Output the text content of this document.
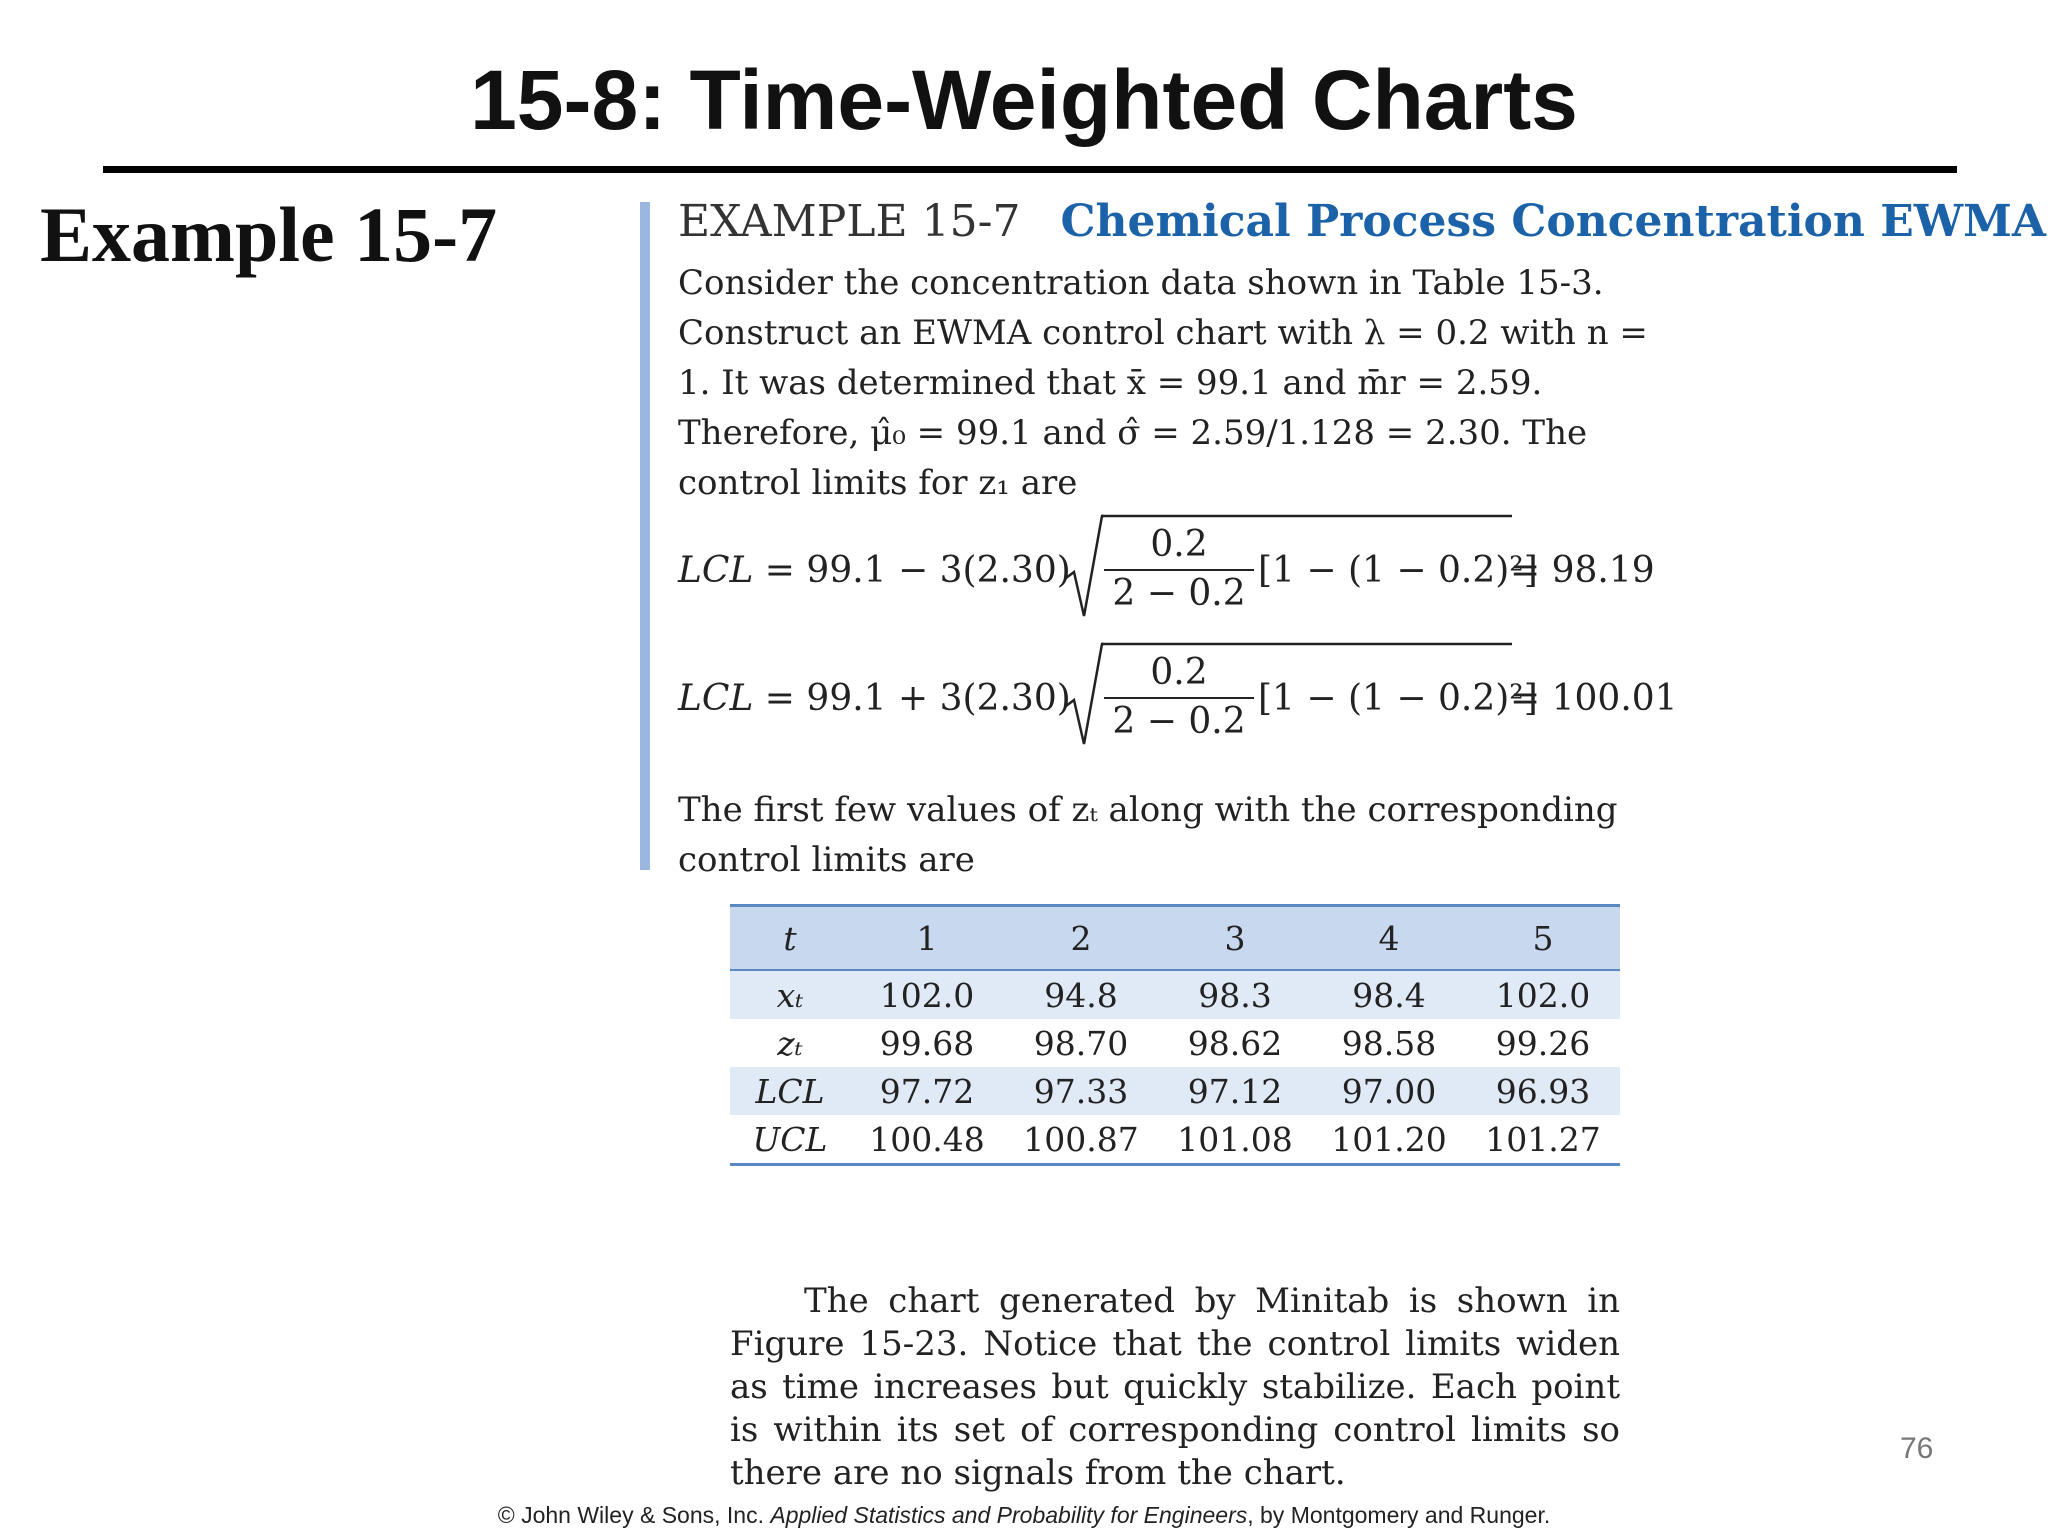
15-8: Time-Weighted Charts
Example 15-7	EXAMPLE 15-7 Chemical Process Concentration EWMA
Consider the concentration data shown in Table 15-3. Construct an EWMA control chart with λ = 0.2 with n = 1. It was determined that x̄ = 99.1 and m̄r = 2.59. Therefore, μ̂₀ = 99.1 and σ̂ = 2.59/1.128 = 2.30. The control limits for z₁ are
LCL = $99.1 - 3(2.30) \frac{0.2}{2 - 0.2} [1 - (1 - 0.2)^2]$
= 98.19
LCL = $99.1 + 3(2.30) \frac{0.2}{2 - 0.2} [1 - (1 - 0.2)^2]$
= 100.01
The first few values of zₜ along with the corresponding control limits are
t	1	2	3	4	5
xₜ	102.0	94.8	98.3	98.4	102.0
zₜ	99.68	98.70	98.62	98.58	99.26
LCL	97.72	97.33	97.12	97.00	96.93
UCL	100.48	100.87	101.08	101.20	101.27
The chart generated by Minitab is shown in Figure 15-23. Notice that the control limits widen as time increases but quickly stabilize. Each point is within its set of corresponding control limits so there are no signals from the chart.
76
© John Wiley & Sons, Inc. Applied Statistics and Probability for Engineers, by Montgomery and Runger.
